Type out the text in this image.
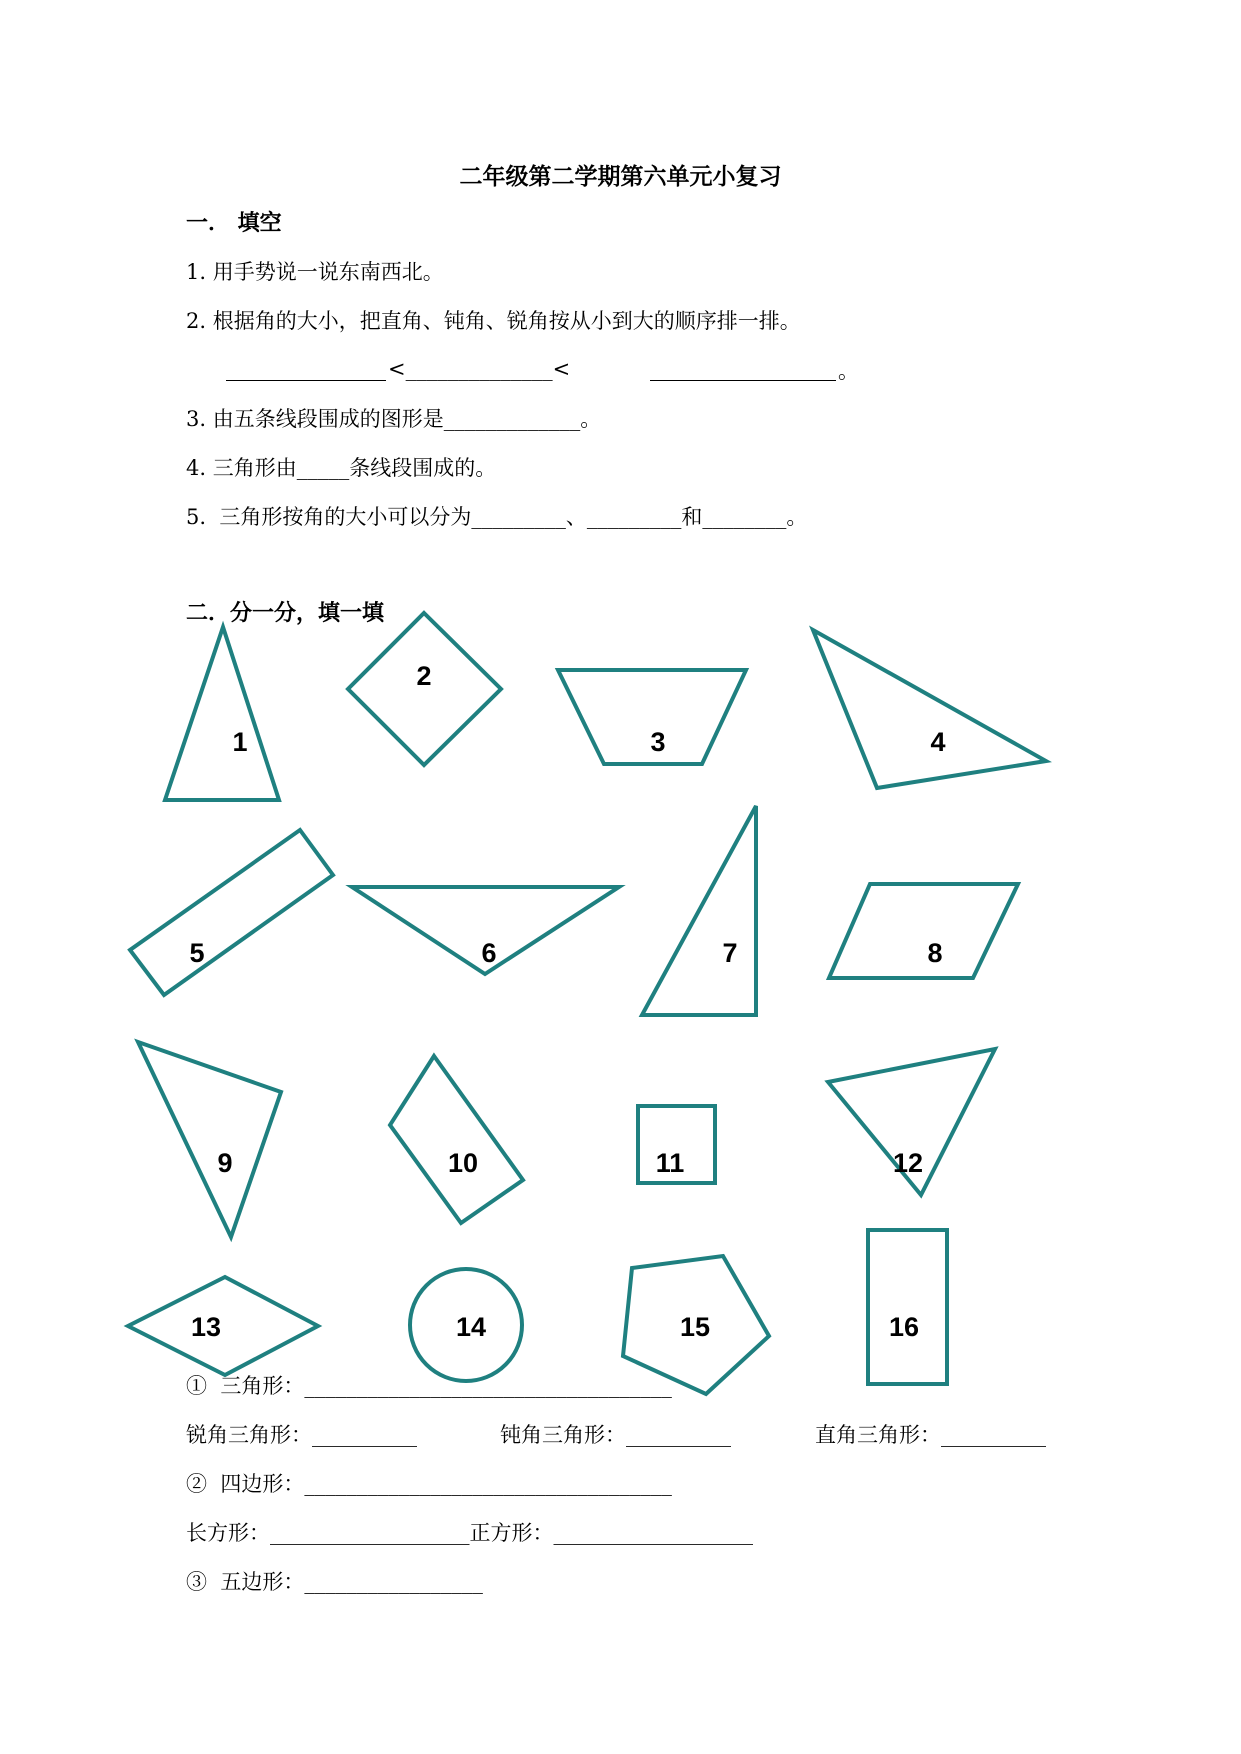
二年级第二学期第六单元小复习
一． 填空
1. 用手势说一说东南西北。
2. 根据角的大小，把直角、钝角、锐角按从小到大的顺序排一排。
<______________<	。
3. 由五条线段围成的图形是_____________。
4. 三角形由_____条线段围成的。
5.  三角形按角的大小可以分为_________、_________和________。
二．分一分，填一填
1
2
3	4
5	6	7	8
9	10	11	12
13	14	15	16
①  三角形：___________________________________
锐角三角形：__________	钝角三角形：__________	直角三角形：__________
②  四边形：___________________________________
长方形：___________________正方形：___________________
③  五边形：_________________
